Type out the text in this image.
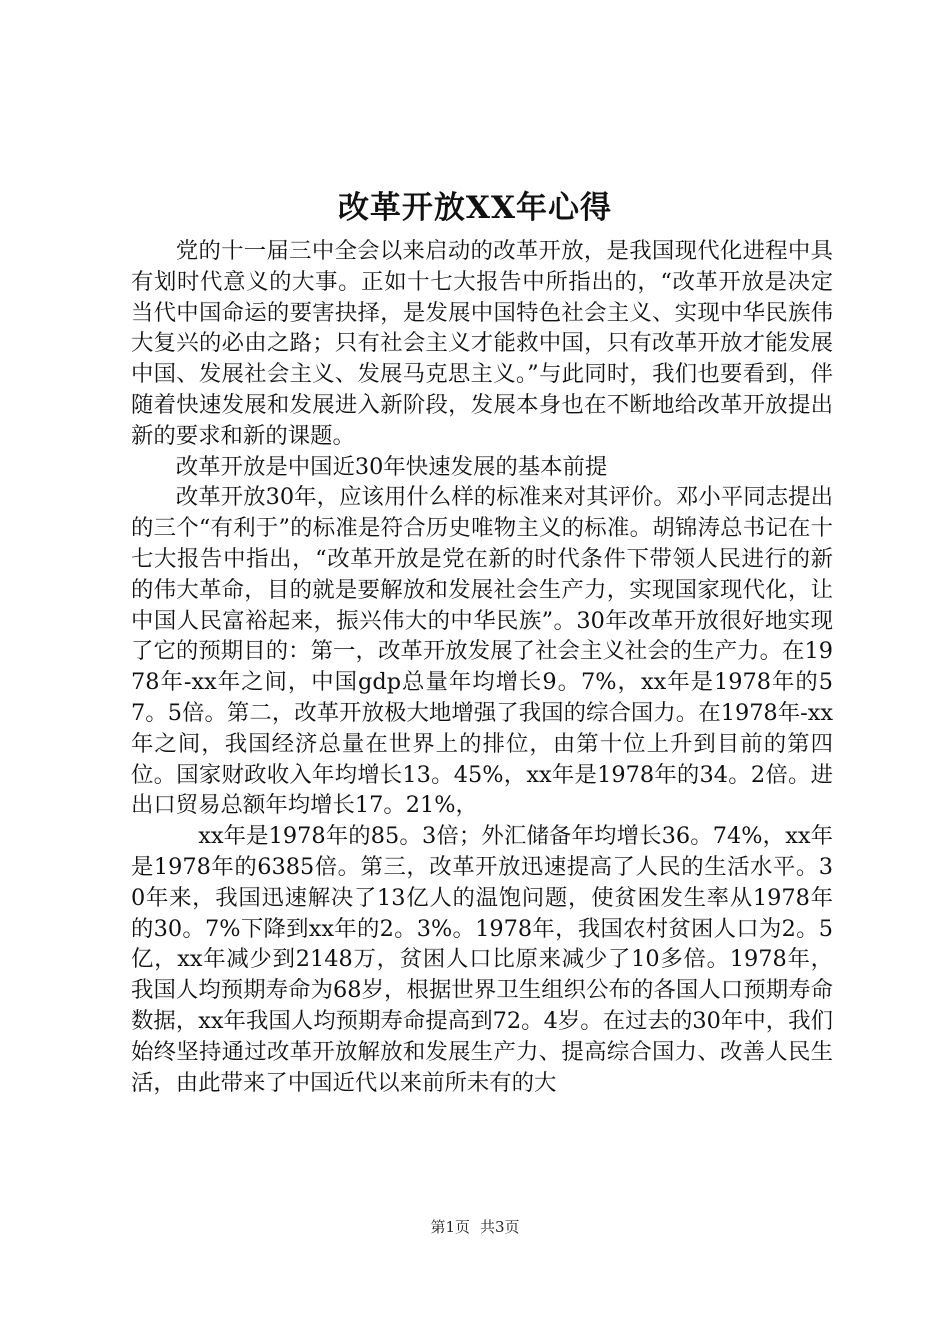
改革开放XX年心得

党的十一届三中全会以来启动的改革开放，是我国现代化进程中具有划时代意义的大事。正如十七大报告中所指出的，“改革开放是决定当代中国命运的要害抉择，是发展中国特色社会主义、实现中华民族伟大复兴的必由之路；只有社会主义才能救中国，只有改革开放才能发展中国、发展社会主义、发展马克思主义。”与此同时，我们也要看到，伴随着快速发展和发展进入新阶段，发展本身也在不断地给改革开放提出新的要求和新的课题。

改革开放是中国近30年快速发展的基本前提

改革开放30年，应该用什么样的标准来对其评价。邓小平同志提出的三个“有利于”的标准是符合历史唯物主义的标准。胡锦涛总书记在十七大报告中指出，“改革开放是党在新的时代条件下带领人民进行的新的伟大革命，目的就是要解放和发展社会生产力，实现国家现代化，让中国人民富裕起来，振兴伟大的中华民族”。30年改革开放很好地实现了它的预期目的：第一，改革开放发展了社会主义社会的生产力。在1978年-xx年之间，中国gdp总量年均增长9。7%，xx年是1978年的57。5倍。第二，改革开放极大地增强了我国的综合国力。在1978年-xx年之间，我国经济总量在世界上的排位，由第十位上升到目前的第四位。国家财政收入年均增长13。45%，xx年是1978年的34。2倍。进出口贸易总额年均增长17。21%，

xx年是1978年的85。3倍；外汇储备年均增长36。74%，xx年是1978年的6385倍。第三，改革开放迅速提高了人民的生活水平。30年来，我国迅速解决了13亿人的温饱问题，使贫困发生率从1978年的30。7%下降到xx年的2。3%。1978年，我国农村贫困人口为2。5亿，xx年减少到2148万，贫困人口比原来减少了10多倍。1978年，我国人均预期寿命为68岁，根据世界卫生组织公布的各国人口预期寿命数据，xx年我国人均预期寿命提高到72。4岁。在过去的30年中，我们始终坚持通过改革开放解放和发展生产力、提高综合国力、改善人民生活，由此带来了中国近代以来前所未有的大

第1页 共3页
